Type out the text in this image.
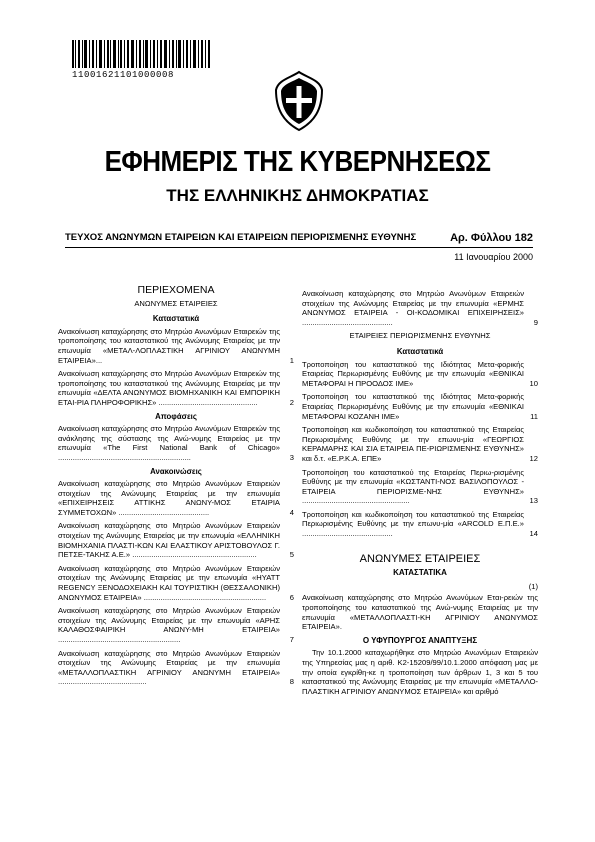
11001621101000008
ΕΦΗΜΕΡΙΣ ΤΗΣ ΚΥΒΕΡΝΗΣΕΩΣ
ΤΗΣ ΕΛΛΗΝΙΚΗΣ ΔΗΜΟΚΡΑΤΙΑΣ
ΤΕΥΧΟΣ ΑΝΩΝΥΜΩΝ ΕΤΑΙΡΕΙΩΝ ΚΑΙ ΕΤΑΙΡΕΙΩΝ ΠΕΡΙΟΡΙΣΜΕΝΗΣ ΕΥΘΥΝΗΣ	Αρ. Φύλλου 182
11 Ιανουαρίου 2000
ΠΕΡΙΕΧΟΜΕΝΑ
ΑΝΩΝΥΜΕΣ ΕΤΑΙΡΕΙΕΣ
Καταστατικά
Ανακοίνωση καταχώρησης στο Μητρώο Ανωνύμων Εταιρειών της τροποποίησης του καταστατικού της Ανώνυμης Εταιρείας με την επωνυμία «ΜΕΤΑΛ-ΛΟΠΛΑΣΤΙΚΗ ΑΓΡΙΝΙΟΥ ΑΝΩΝΥΜΗ ΕΤΑΙΡΕΙΑ»...	1
Ανακοίνωση καταχώρησης στο Μητρώο Ανωνύμων Εταιρειών της τροποποίησης του καταστατικού της Ανώνυμης Εταιρείας με την επωνυμία «ΔΕΛΤΑ ΑΝΩΝΥΜΟΣ ΒΙΟΜΗΧΑΝΙΚΗ ΚΑΙ ΕΜΠΟΡΙΚΗ ΕΤΑΙ-ΡΙΑ ΠΛΗΡΟΦΟΡΙΚΗΣ» ...............................................	2
Αποφάσεις
Ανακοίνωση καταχώρησης στο Μητρώο Ανωνύμων Εταιρειών της ανάκλησης της σύστασης της Ανώ-νυμης Εταιρείας με την επωνυμία «The First National Bank of Chicago» ...............................................................	3
Ανακοινώσεις
Ανακοίνωση καταχώρησης στο Μητρώο Ανωνύμων Εταιρειών στοιχείων της Ανώνυμης Εταιρείας με την επωνυμία «ΕΠΙΧΕΙΡΗΣΕΙΣ ΑΤΤΙΚΗΣ ΑΝΩΝΥ-ΜΟΣ ΕΤΑΙΡΙΑ ΣΥΜΜΕΤΟΧΩΝ» ...........................................	4
Ανακοίνωση καταχώρησης στο Μητρώο Ανωνύμων Εταιρειών στοιχείων της Ανώνυμης Εταιρείας με την επωνυμία «ΕΛΛΗΝΙΚΗ ΒΙΟΜΗΧΑΝΙΑ ΠΛΑΣΤΙ-ΚΩΝ ΚΑΙ ΕΛΑΣΤΙΚΟΥ ΑΡΙΣΤΟΒΟΥΛΟΣ Γ. ΠΕΤΣΕ-ΤΑΚΗΣ Α.Ε.» ...........................................................	5
Ανακοίνωση καταχώρησης στο Μητρώο Ανωνύμων Εταιρειών στοιχείων της Ανώνυμης Εταιρείας με την επωνυμία «HYATT REGENCY ΞΕΝΟΔΟΧΕΙΑΚΗ ΚΑΙ ΤΟΥΡΙΣΤΙΚΗ (ΘΕΣΣΑΛΟΝΙΚΗ) ΑΝΩΝΥΜΟΣ ΕΤΑΙΡΕΙΑ» ..........................................................	6
Ανακοίνωση καταχώρησης στο Μητρώο Ανωνύμων Εταιρειών στοιχείων της Ανώνυμης Εταιρείας με την επωνυμία «ΑΡΗΣ ΚΑΛΑΘΟΣΦΑΙΡΙΚΗ ΑΝΩΝΥ-ΜΗ ΕΤΑΙΡΕΙΑ» ..........................................................	7
Ανακοίνωση καταχώρησης στο Μητρώο Ανωνύμων Εταιρειών στοιχείων της Ανώνυμης Εταιρείας με την επωνυμία «ΜΕΤΑΛΛΟΠΛΑΣΤΙΚΗ ΑΓΡΙΝΙΟΥ ΑΝΩΝΥΜΗ ΕΤΑΙΡΕΙΑ» ..........................................	8
Ανακοίνωση καταχώρησης στο Μητρώο Ανωνύμων Εταιρειών στοιχείων της Ανώνυμης Εταιρείας με την επωνυμία «ΕΡΜΗΣ ΑΝΩΝΥΜΟΣ ΕΤΑΙΡΕΙΑ - ΟΙ-ΚΟΔΟΜΙΚΑΙ ΕΠΙΧΕΙΡΗΣΕΙΣ» ...........................................	9
ΕΤΑΙΡΕΙΕΣ ΠΕΡΙΩΡΙΣΜΕΝΗΣ ΕΥΘΥΝΗΣ
Καταστατικά
Τροποποίηση του καταστατικού της Ιδιότητας Μετα-φορικής Εταιρείας Περιωρισμένης Ευθύνης με την επωνυμία «ΕΘΝΙΚΑΙ ΜΕΤΑΦΟΡΑΙ Η ΠΡΟΟΔΟΣ ΙΜΕ»	10
Τροποποίηση του καταστατικού της Ιδιότητας Μετα-φορικής Εταιρείας Περιωρισμένης Ευθύνης με την επωνυμία «ΕΘΝΙΚΑΙ ΜΕΤΑΦΟΡΑΙ ΚΟΖΑΝΗ ΙΜΕ»	11
Τροποποίηση και κωδικοποίηση του καταστατικού της Εταιρείας Περιωρισμένης Ευθύνης με την επωνυ-μία «ΓΕΩΡΓΙΟΣ ΚΕΡΑΜΑΡΗΣ ΚΑΙ ΣΙΑ ΕΤΑΙΡΕΙΑ ΠΕ-ΡΙΩΡΙΣΜΕΝΗΣ ΕΥΘΥΝΗΣ» και δ.τ. «Ε.Ρ.Κ.Α. ΕΠΕ»	12
Τροποποίηση του καταστατικού της Εταιρείας Περιω-ρισμένης Ευθύνης με την επωνυμία «ΚΩΣΤΑΝΤΙ-ΝΟΣ ΒΑΣΙΛΟΠΟΥΛΟΣ - ΕΤΑΙΡΕΙΑ ΠΕΡΙΟΡΙΣΜΕ-ΝΗΣ ΕΥΘΥΝΗΣ» ...................................................	13
Τροποποίηση και κωδικοποίηση του καταστατικού της Εταιρείας Περιωρισμένης Ευθύνης με την επωνυ-μία «ARCOLD Ε.Π.Ε.» ...........................................	14
ΑΝΩΝΥΜΕΣ ΕΤΑΙΡΕΙΕΣ
ΚΑΤΑΣΤΑΤΙΚΑ
(1)
Ανακοίνωση καταχώρησης στο Μητρώο Ανωνύμων Εται-ρειών της τροποποίησης του καταστατικού της Ανώ-νυμης Εταιρείας με την επωνυμία «ΜΕΤΑΛΛΟΠΛΑΣΤΙ-ΚΗ ΑΓΡΙΝΙΟΥ ΑΝΩΝΥΜΟΣ ΕΤΑΙΡΕΙΑ».
Ο ΥΦΥΠΟΥΡΓΟΣ ΑΝΑΠΤΥΞΗΣ
Την 10.1.2000 καταχωρήθηκε στο Μητρώο Ανωνύμων Εταιρειών της Υπηρεσίας μας η αριθ. Κ2-15209/99/10.1.2000 απόφαση μας με την οποία εγκρίθη-κε η τροποποίηση των άρθρων 1, 3 και 5 του καταστατικού της Ανώνυμης Εταιρείας με την επωνυμία «ΜΕΤΑΛΛΟ-ΠΛΑΣΤΙΚΗ ΑΓΡΙΝΙΟΥ ΑΝΩΝΥΜΟΣ ΕΤΑΙΡΕΙΑ» και αριθμό
